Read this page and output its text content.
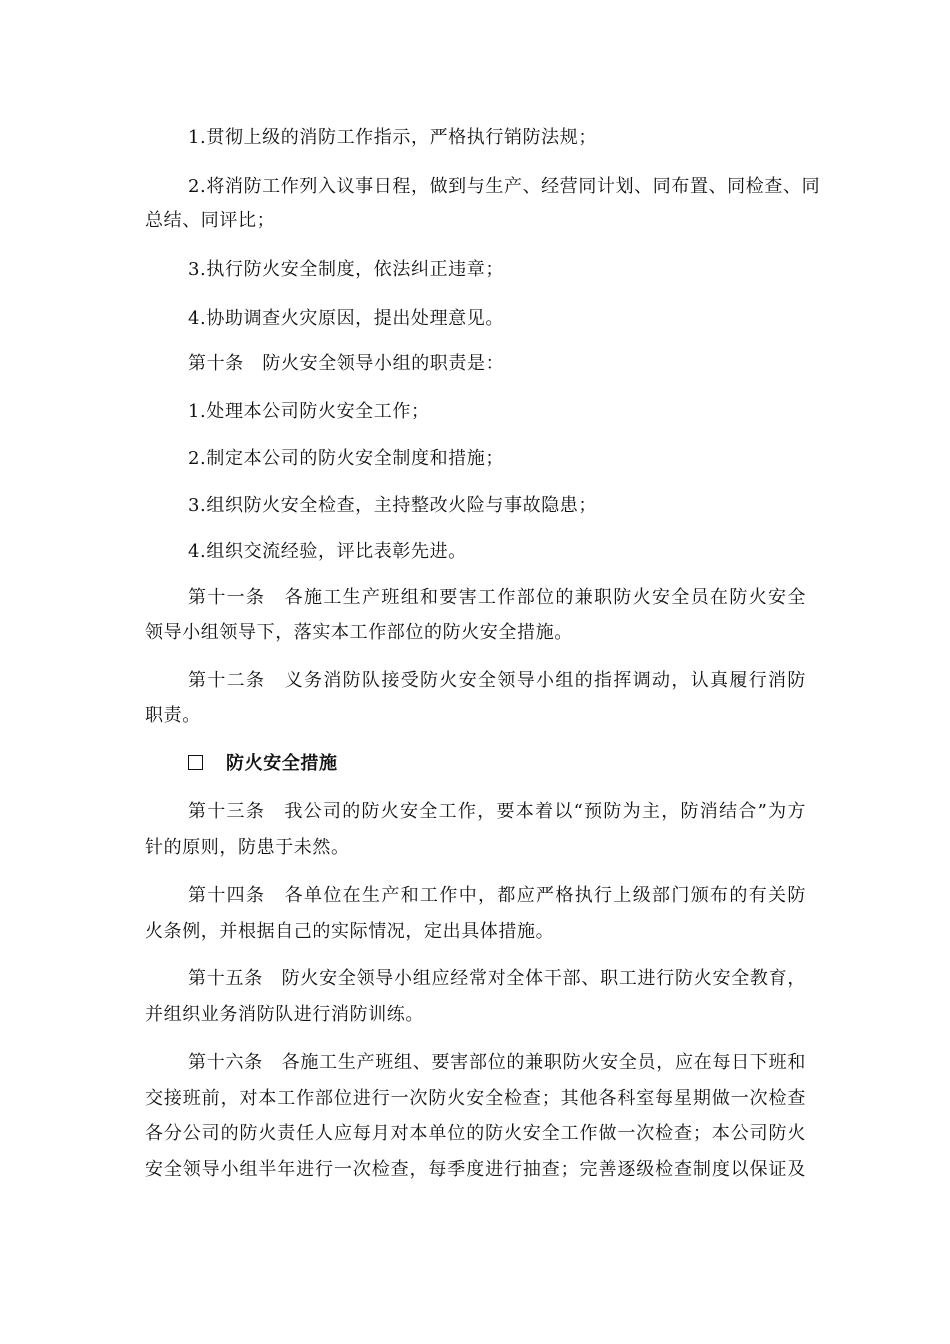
1.贯彻上级的消防工作指示，严格执行销防法规；
2.将消防工作列入议事日程，做到与生产、经营同计划、同布置、同检查、同
总结、同评比；
3.执行防火安全制度，依法纠正违章；
4.协助调查火灾原因，提出处理意见。
第十条　防火安全领导小组的职责是：
1.处理本公司防火安全工作；
2.制定本公司的防火安全制度和措施；
3.组织防火安全检查，主持整改火险与事故隐患；
4.组织交流经验，评比表彰先进。
第十一条　各施工生产班组和要害工作部位的兼职防火安全员在防火安全
领导小组领导下，落实本工作部位的防火安全措施。
第十二条　义务消防队接受防火安全领导小组的指挥调动，认真履行消防
职责。
第十三条　我公司的防火安全工作，要本着以“预防为主，防消结合”为方
针的原则，防患于未然。
第十四条　各单位在生产和工作中，都应严格执行上级部门颁布的有关防
火条例，并根据自己的实际情况，定出具体措施。
第十五条　防火安全领导小组应经常对全体干部、职工进行防火安全教育，
并组织业务消防队进行消防训练。
第十六条　各施工生产班组、要害部位的兼职防火安全员，应在每日下班和
交接班前，对本工作部位进行一次防火安全检查；其他各科室每星期做一次检查
各分公司的防火责任人应每月对本单位的防火安全工作做一次检查；本公司防火
安全领导小组半年进行一次检查，每季度进行抽查；完善逐级检查制度以保证及
防火安全措施
